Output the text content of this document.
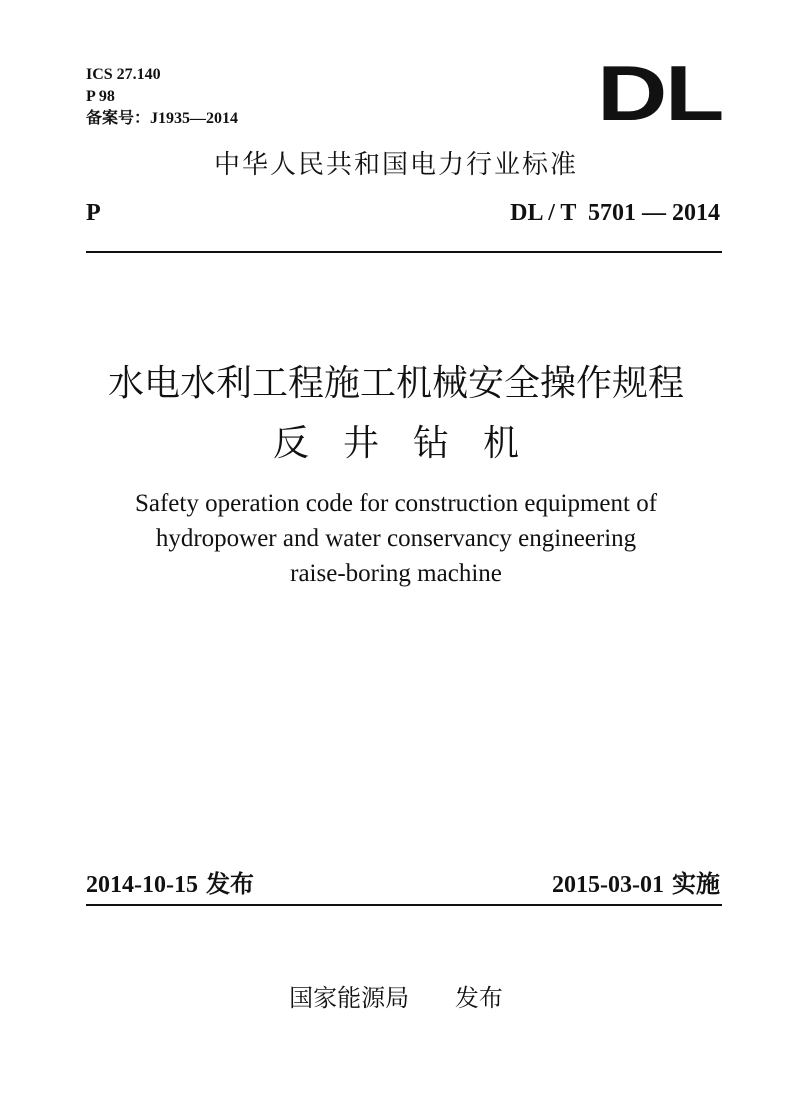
ICS 27.140
P 98
备案号：J1935—2014	DL
中华人民共和国电力行业标准
P	DL / T  5701 — 2014
水电水利工程施工机械安全操作规程
反井钻机
Safety operation code for construction equipment of
hydropower and water conservancy engineering
raise-boring machine
2014-10-15 发布	2015-03-01 实施
国家能源局 发布
